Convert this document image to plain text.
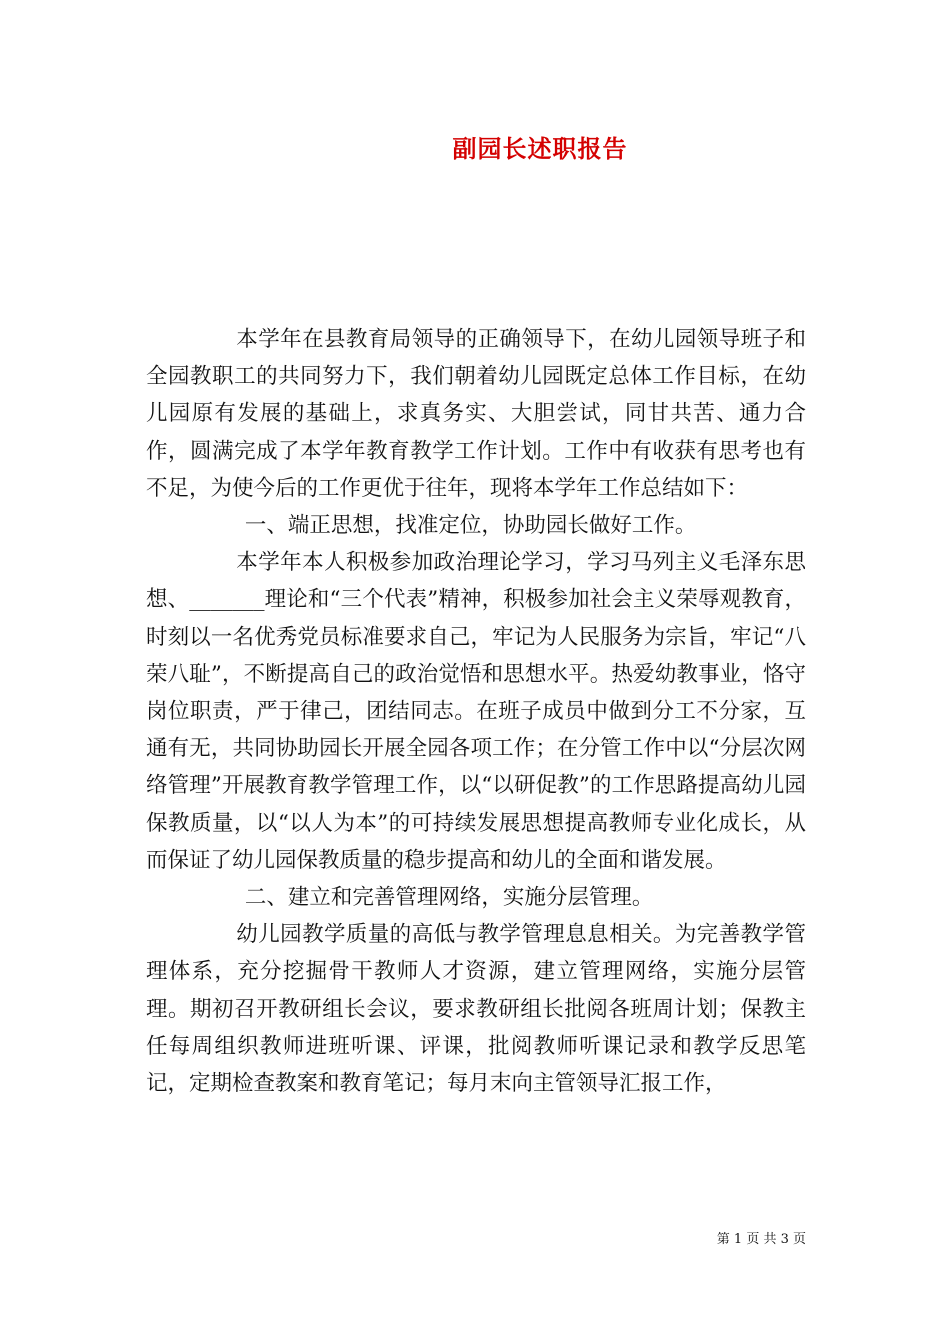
副园长述职报告

本学年在县教育局领导的正确领导下，在幼儿园领导班子和全园教职工的共同努力下，我们朝着幼儿园既定总体工作目标，在幼儿园原有发展的基础上，求真务实、大胆尝试，同甘共苦、通力合作，圆满完成了本学年教育教学工作计划。工作中有收获有思考也有不足，为使今后的工作更优于往年，现将本学年工作总结如下：

一、端正思想，找准定位，协助园长做好工作。

本学年本人积极参加政治理论学习，学习马列主义毛泽东思想、_______理论和“三个代表”精神，积极参加社会主义荣辱观教育，时刻以一名优秀党员标准要求自己，牢记为人民服务为宗旨，牢记“八荣八耻”，不断提高自己的政治觉悟和思想水平。热爱幼教事业，恪守岗位职责，严于律己，团结同志。在班子成员中做到分工不分家，互通有无，共同协助园长开展全园各项工作；在分管工作中以“分层次网络管理”开展教育教学管理工作，以“以研促教”的工作思路提高幼儿园保教质量，以“以人为本”的可持续发展思想提高教师专业化成长，从而保证了幼儿园保教质量的稳步提高和幼儿的全面和谐发展。

二、建立和完善管理网络，实施分层管理。

幼儿园教学质量的高低与教学管理息息相关。为完善教学管理体系，充分挖掘骨干教师人才资源，建立管理网络，实施分层管理。期初召开教研组长会议，要求教研组长批阅各班周计划；保教主任每周组织教师进班听课、评课，批阅教师听课记录和教学反思笔记，定期检查教案和教育笔记；每月末向主管领导汇报工作，

第 1 页 共 3 页
